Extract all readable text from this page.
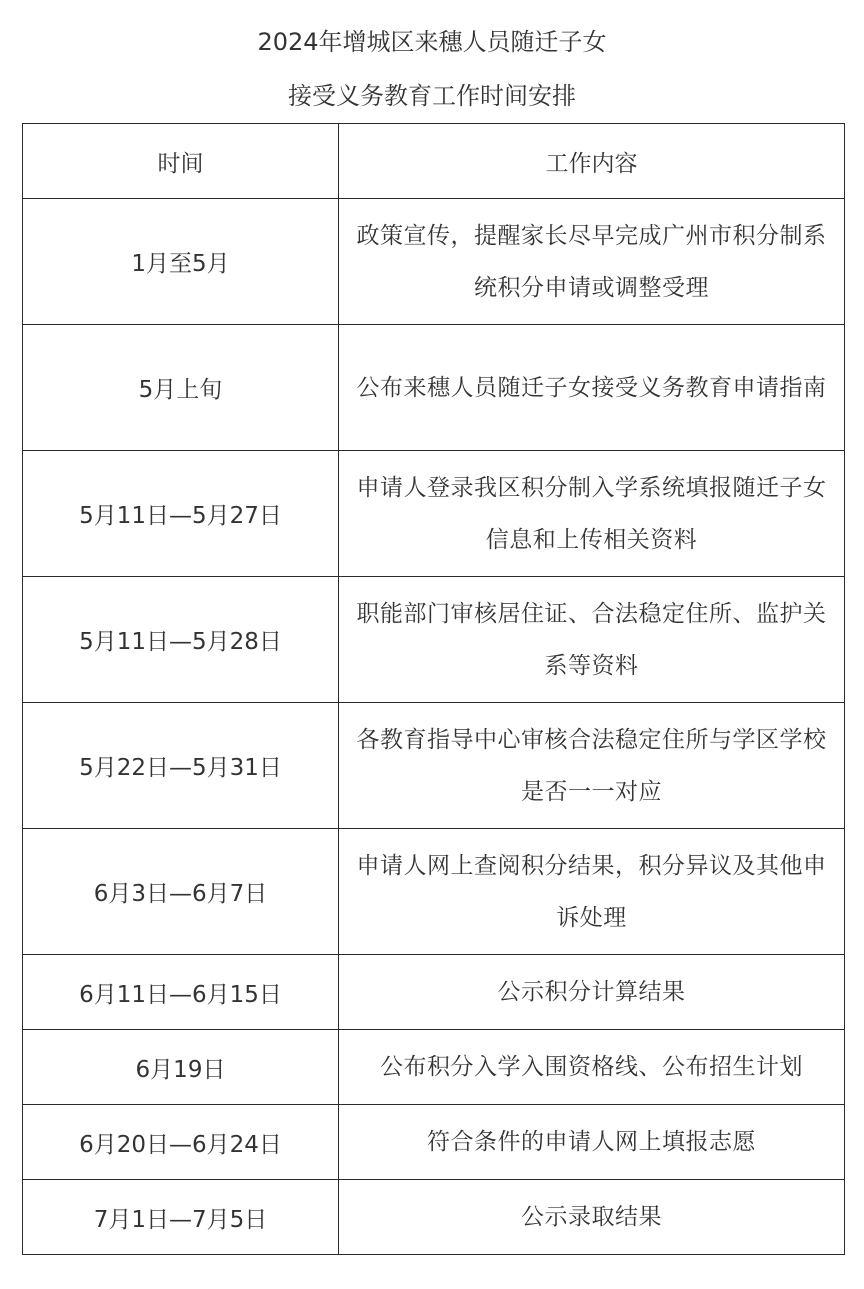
2024年增城区来穗人员随迁子女
接受义务教育工作时间安排
时间	工作内容
1月至5月	政策宣传，提醒家长尽早完成广州市积分制系统积分申请或调整受理

5月上旬	公布来穗人员随迁子女接受义务教育申请指南

5月11日—5月27日	申请人登录我区积分制入学系统填报随迁子女信息和上传相关资料

5月11日—5月28日	职能部门审核居住证、合法稳定住所、监护关系等资料

5月22日—5月31日	各教育指导中心审核合法稳定住所与学区学校是否一一对应

6月3日—6月7日	申请人网上查阅积分结果，积分异议及其他申诉处理

6月11日—6月15日	公示积分计算结果

6月19日	公布积分入学入围资格线、公布招生计划

6月20日—6月24日	符合条件的申请人网上填报志愿

7月1日—7月5日	公示录取结果
